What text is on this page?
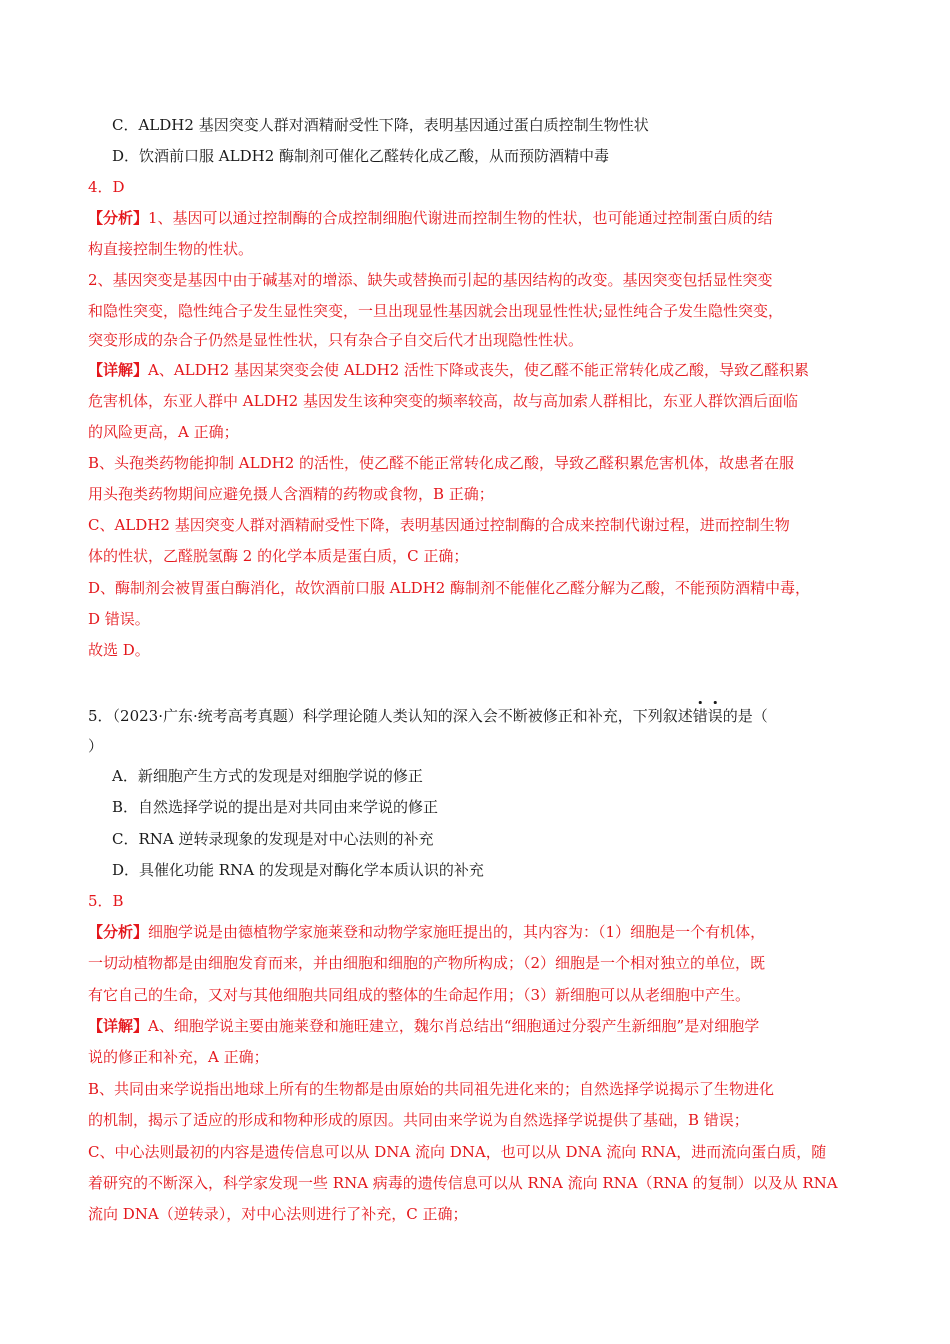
C．ALDH2 基因突变人群对酒精耐受性下降，表明基因通过蛋白质控制生物性状
D．饮酒前口服 ALDH2 酶制剂可催化乙醛转化成乙酸，从而预防酒精中毒
4．D
【分析】1、基因可以通过控制酶的合成控制细胞代谢进而控制生物的性状，也可能通过控制蛋白质的结
构直接控制生物的性状。
2、基因突变是基因中由于碱基对的增添、缺失或替换而引起的基因结构的改变。基因突变包括显性突变
和隐性突变，隐性纯合子发生显性突变，一旦出现显性基因就会出现显性性状;显性纯合子发生隐性突变，
突变形成的杂合子仍然是显性性状，只有杂合子自交后代才出现隐性性状。
【详解】A、ALDH2 基因某突变会使 ALDH2 活性下降或丧失，使乙醛不能正常转化成乙酸，导致乙醛积累
危害机体，东亚人群中 ALDH2 基因发生该种突变的频率较高，故与高加索人群相比，东亚人群饮酒后面临
的风险更高，A 正确；
B、头孢类药物能抑制 ALDH2 的活性，使乙醛不能正常转化成乙酸，导致乙醛积累危害机体，故患者在服
用头孢类药物期间应避免摄人含酒精的药物或食物，B 正确；
C、ALDH2 基因突变人群对酒精耐受性下降，表明基因通过控制酶的合成来控制代谢过程，进而控制生物
体的性状，乙醛脱氢酶 2 的化学本质是蛋白质，C 正确；
D、酶制剂会被胃蛋白酶消化，故饮酒前口服 ALDH2 酶制剂不能催化乙醛分解为乙酸，不能预防酒精中毒，
D 错误。
故选 D。
5．（2023·广东·统考高考真题）科学理论随人类认知的深入会不断被修正和补充，下列叙述错误的是（
）
A．新细胞产生方式的发现是对细胞学说的修正
B．自然选择学说的提出是对共同由来学说的修正
C．RNA 逆转录现象的发现是对中心法则的补充
D．具催化功能 RNA 的发现是对酶化学本质认识的补充
5．B
【分析】细胞学说是由德植物学家施莱登和动物学家施旺提出的，其内容为：（1）细胞是一个有机体，
一切动植物都是由细胞发育而来，并由细胞和细胞的产物所构成；（2）细胞是一个相对独立的单位，既
有它自己的生命，又对与其他细胞共同组成的整体的生命起作用；（3）新细胞可以从老细胞中产生。
【详解】A、细胞学说主要由施莱登和施旺建立，魏尔肖总结出“细胞通过分裂产生新细胞”是对细胞学
说的修正和补充，A 正确；
B、共同由来学说指出地球上所有的生物都是由原始的共同祖先进化来的；自然选择学说揭示了生物进化
的机制，揭示了适应的形成和物种形成的原因。共同由来学说为自然选择学说提供了基础，B 错误；
C、中心法则最初的内容是遗传信息可以从 DNA 流向 DNA，也可以从 DNA 流向 RNA，进而流向蛋白质，随
着研究的不断深入，科学家发现一些 RNA 病毒的遗传信息可以从 RNA 流向 RNA（RNA 的复制）以及从 RNA
流向 DNA（逆转录），对中心法则进行了补充，C 正确；
